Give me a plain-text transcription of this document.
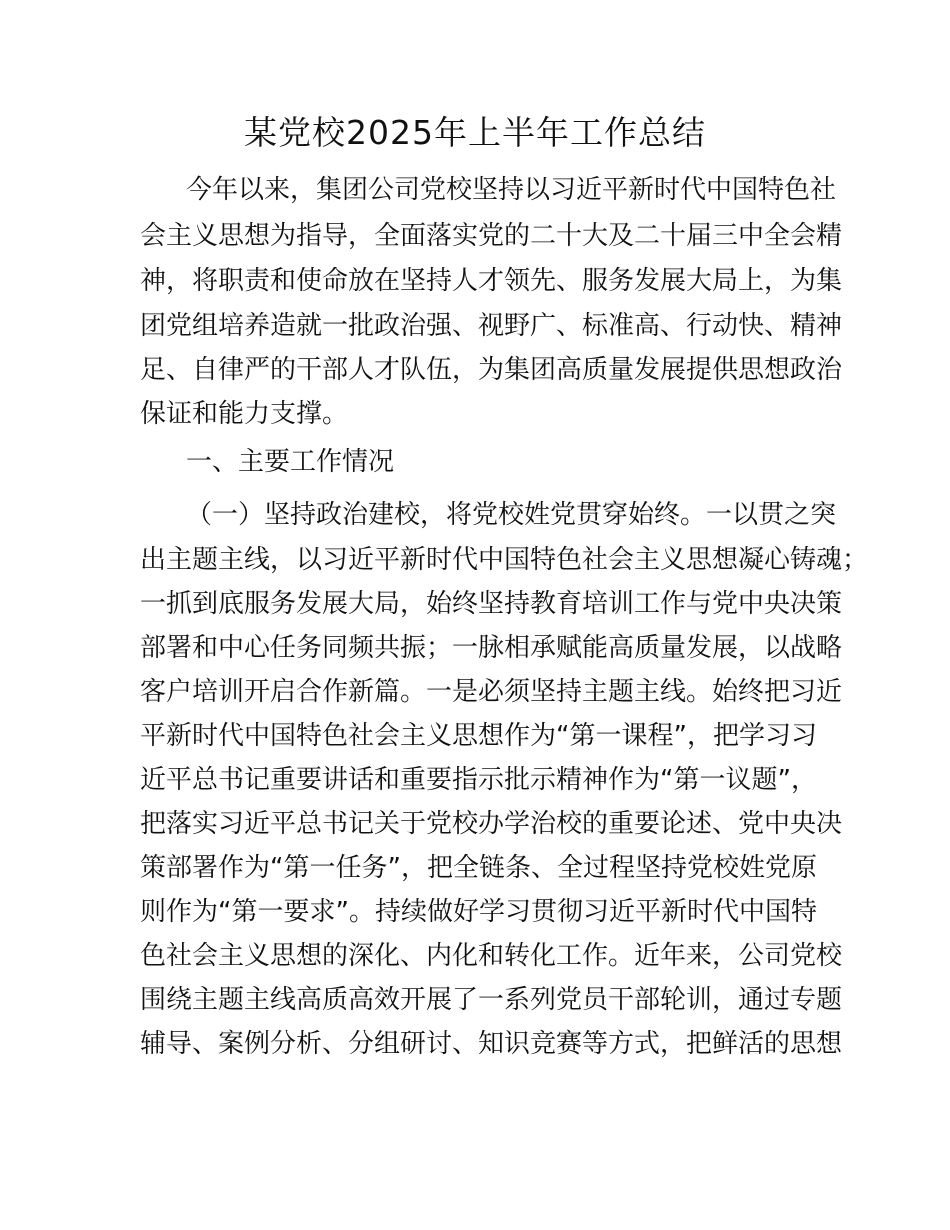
某党校2025年上半年工作总结
今年以来，集团公司党校坚持以习近平新时代中国特色社
会主义思想为指导，全面落实党的二十大及二十届三中全会精
神，将职责和使命放在坚持人才领先、服务发展大局上，为集
团党组培养造就一批政治强、视野广、标准高、行动快、精神
足、自律严的干部人才队伍，为集团高质量发展提供思想政治
保证和能力支撑。
一、主要工作情况
（一）坚持政治建校，将党校姓党贯穿始终。一以贯之突
出主题主线，以习近平新时代中国特色社会主义思想凝心铸魂；
一抓到底服务发展大局，始终坚持教育培训工作与党中央决策
部署和中心任务同频共振；一脉相承赋能高质量发展，以战略
客户培训开启合作新篇。一是必须坚持主题主线。始终把习近
平新时代中国特色社会主义思想作为“第一课程”，把学习习
近平总书记重要讲话和重要指示批示精神作为“第一议题”，
把落实习近平总书记关于党校办学治校的重要论述、党中央决
策部署作为“第一任务”，把全链条、全过程坚持党校姓党原
则作为“第一要求”。持续做好学习贯彻习近平新时代中国特
色社会主义思想的深化、内化和转化工作。近年来，公司党校
围绕主题主线高质高效开展了一系列党员干部轮训，通过专题
辅导、案例分析、分组研讨、知识竞赛等方式，把鲜活的思想
